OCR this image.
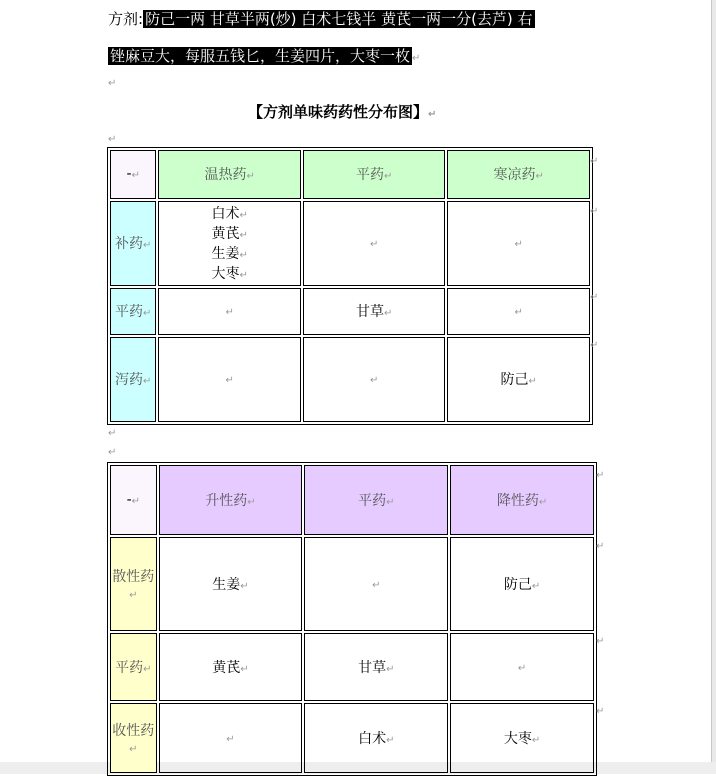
方剂: 防己一两 甘草半两(炒) 白术七钱半 黄芪一两一分(去芦) 右
锉麻豆大，每服五钱匕，生姜四片，大枣一枚 ↵
↵
【方剂单味药药性分布图】↵
↵
-↵	温热药↵	平药↵	寒凉药↵
补药↵	白术↵
黄芪↵
生姜↵
大枣↵	↵	↵
平药↵	↵	甘草↵	↵
泻药↵	↵	↵	防己↵
↵
↵
↵
↵
↵
↵
-↵	升性药↵	平药↵	降性药↵
散性药↵	生姜↵	↵	防己↵
平药↵	黄芪↵	甘草↵	↵
收性药↵	↵	白术↵	大枣↵
↵
↵
↵
↵
